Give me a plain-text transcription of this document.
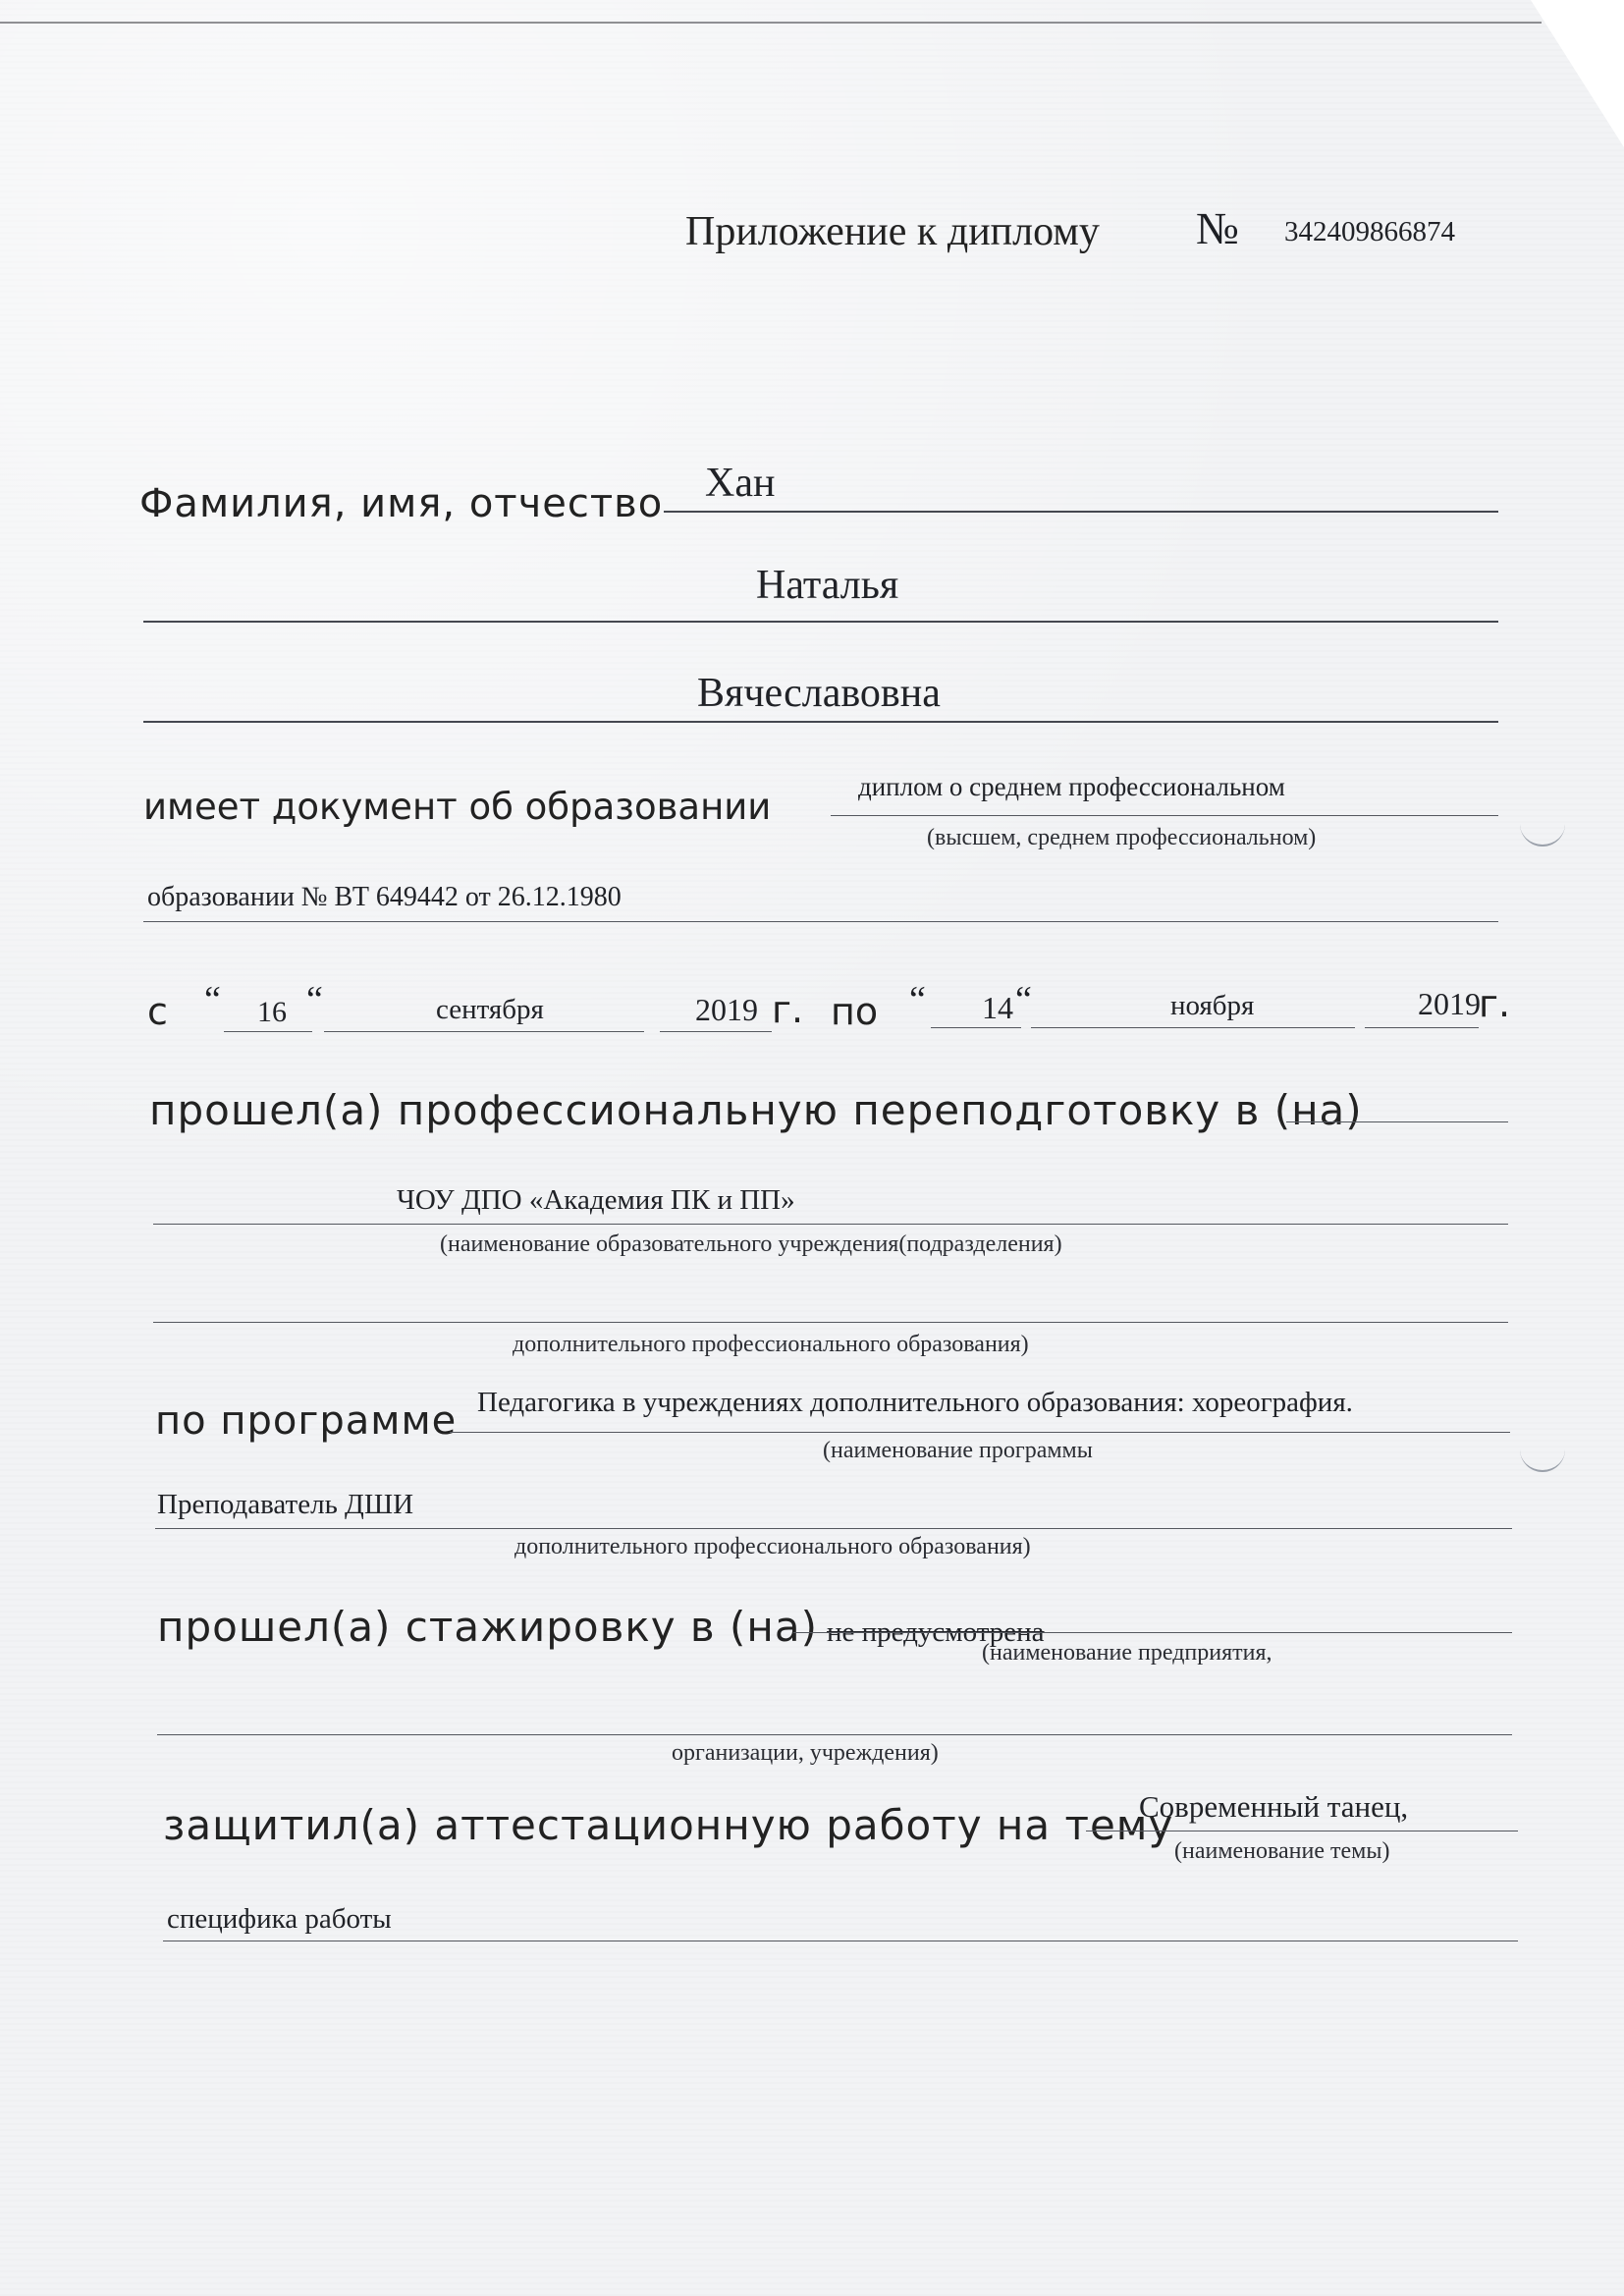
Приложение к диплому № 342409866874
Фамилия, имя, отчество Хан
Наталья
Вячеславовна
имеет документ об образовании	диплом о среднем профессиональном
(высшем, среднем профессиональном)
образовании № ВТ 649442 от 26.12.1980
с “ 16 “	сентября	2019 г. по “ 14 “	ноября	2019
г.
прошел(а) профессиональную переподготовку в (на)
ЧОУ ДПО «Академия ПК и ПП»
(наименование образовательного учреждения(подразделения)
дополнительного профессионального образования)
по программе Педагогика в учреждениях дополнительного образования: хореография.
(наименование программы
Преподаватель ДШИ
дополнительного профессионального образования)
прошел(а) стажировку в (на) не предусмотрена
(наименование предприятия,
организации, учреждения)
защитил(а) аттестационную работу на тему
Современный танец,
(наименование темы)
специфика работы
